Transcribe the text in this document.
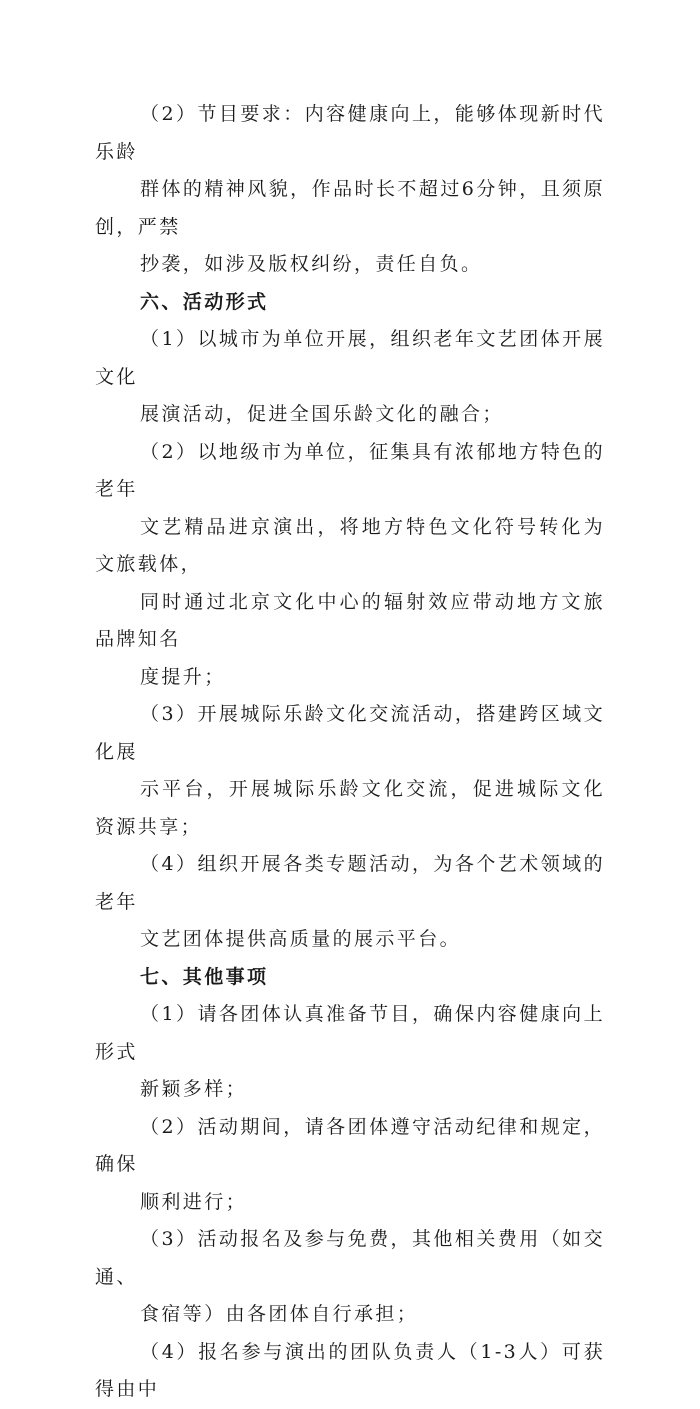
（2）节目要求：内容健康向上，能够体现新时代乐龄
群体的精神风貌，作品时长不超过6分钟，且须原创，严禁
抄袭，如涉及版权纠纷，责任自负。

六、活动形式

（1）以城市为单位开展，组织老年文艺团体开展文化
展演活动，促进全国乐龄文化的融合；

（2）以地级市为单位，征集具有浓郁地方特色的老年
文艺精品进京演出，将地方特色文化符号转化为文旅载体，
同时通过北京文化中心的辐射效应带动地方文旅品牌知名
度提升；

（3）开展城际乐龄文化交流活动，搭建跨区域文化展
示平台，开展城际乐龄文化交流，促进城际文化资源共享；

（4）组织开展各类专题活动，为各个艺术领域的老年
文艺团体提供高质量的展示平台。

七、其他事项

（1）请各团体认真准备节目，确保内容健康向上形式
新颖多样；

（2）活动期间，请各团体遵守活动纪律和规定，确保
顺利进行；

（3）活动报名及参与免费，其他相关费用（如交通、
食宿等）由各团体自行承担；

（4）报名参与演出的团队负责人（1-3人）可获得由中
